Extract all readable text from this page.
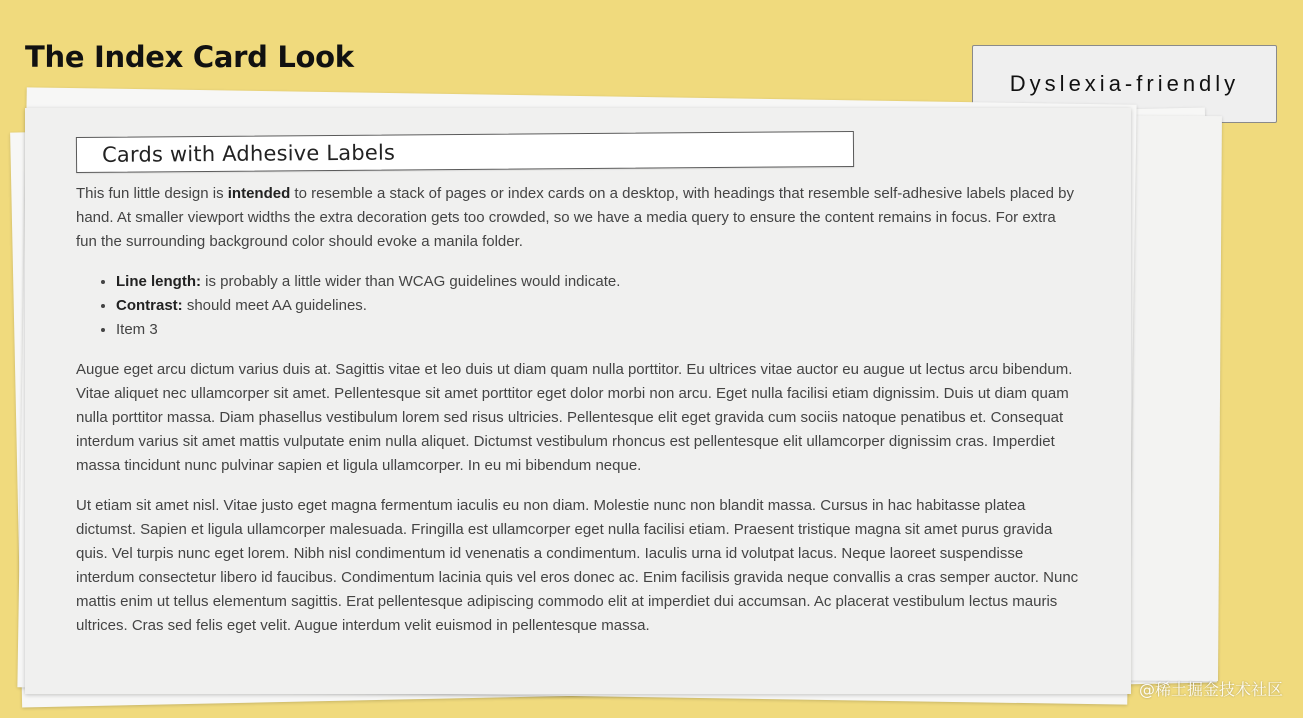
The Index Card Look
Dyslexia-friendly
Cards with Adhesive Labels

This fun little design is intended to resemble a stack of pages or index cards on a desktop, with headings that resemble self-adhesive labels placed by hand. At smaller viewport widths the extra decoration gets too crowded, so we have a media query to ensure the content remains in focus. For extra fun the surrounding background color should evoke a manila folder.

• Line length: is probably a little wider than WCAG guidelines would indicate.
• Contrast: should meet AA guidelines.
• Item 3

Augue eget arcu dictum varius duis at. Sagittis vitae et leo duis ut diam quam nulla porttitor. Eu ultrices vitae auctor eu augue ut lectus arcu bibendum. Vitae aliquet nec ullamcorper sit amet. Pellentesque sit amet porttitor eget dolor morbi non arcu. Eget nulla facilisi etiam dignissim. Duis ut diam quam nulla porttitor massa. Diam phasellus vestibulum lorem sed risus ultricies. Pellentesque elit eget gravida cum sociis natoque penatibus et. Consequat interdum varius sit amet mattis vulputate enim nulla aliquet. Dictumst vestibulum rhoncus est pellentesque elit ullamcorper dignissim cras. Imperdiet massa tincidunt nunc pulvinar sapien et ligula ullamcorper. In eu mi bibendum neque.

Ut etiam sit amet nisl. Vitae justo eget magna fermentum iaculis eu non diam. Molestie nunc non blandit massa. Cursus in hac habitasse platea dictumst. Sapien et ligula ullamcorper malesuada. Fringilla est ullamcorper eget nulla facilisi etiam. Praesent tristique magna sit amet purus gravida quis. Vel turpis nunc eget lorem. Nibh nisl condimentum id venenatis a condimentum. Iaculis urna id volutpat lacus. Neque laoreet suspendisse interdum consectetur libero id faucibus. Condimentum lacinia quis vel eros donec ac. Enim facilisis gravida neque convallis a cras semper auctor. Nunc mattis enim ut tellus elementum sagittis. Erat pellentesque adipiscing commodo elit at imperdiet dui accumsan. Ac placerat vestibulum lectus mauris ultrices. Cras sed felis eget velit. Augue interdum velit euismod in pellentesque massa.

@稀土掘金技术社区
